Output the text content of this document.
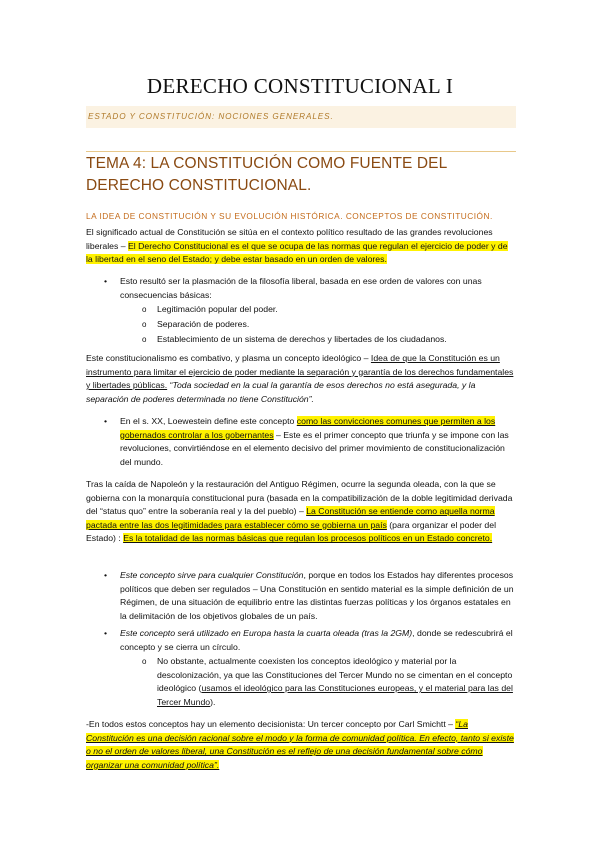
DERECHO CONSTITUCIONAL I
ESTADO Y CONSTITUCIÓN: NOCIONES GENERALES.
TEMA 4: LA CONSTITUCIÓN COMO FUENTE DEL DERECHO CONSTITUCIONAL.
LA IDEA DE CONSTITUCIÓN Y SU EVOLUCIÓN HISTÓRICA. CONCEPTOS DE CONSTITUCIÓN.

El significado actual de Constitución se sitúa en el contexto político resultado de las grandes revoluciones liberales – El Derecho Constitucional es el que se ocupa de las normas que regulan el ejercicio de poder y de la libertad en el seno del Estado; y debe estar basado en un orden de valores.

•	Esto resultó ser la plasmación de la filosofía liberal, basada en ese orden de valores con unas consecuencias básicas:
o	Legitimación popular del poder.
o	Separación de poderes.
o	Establecimiento de un sistema de derechos y libertades de los ciudadanos.

Este constitucionalismo es combativo, y plasma un concepto ideológico – Idea de que la Constitución es un instrumento para limitar el ejercicio de poder mediante la separación y garantía de los derechos fundamentales y libertades públicas. “Toda sociedad en la cual la garantía de esos derechos no está asegurada, y la separación de poderes determinada no tiene Constitución”.

•	En el s. XX, Loewestein define este concepto como las convicciones comunes que permiten a los gobernados controlar a los gobernantes – Este es el primer concepto que triunfa y se impone con las revoluciones, convirtiéndose en el elemento decisivo del primer movimiento de constitucionalización del mundo.

Tras la caída de Napoleón y la restauración del Antiguo Régimen, ocurre la segunda oleada, con la que se gobierna con la monarquía constitucional pura (basada en la compatibilización de la doble legitimidad derivada del “status quo” entre la soberanía real y la del pueblo) – La Constitución se entiende como aquella norma pactada entre las dos legitimidades para establecer cómo se gobierna un país (para organizar el poder del Estado) : Es la totalidad de las normas básicas que regulan los procesos políticos en un Estado concreto.

•	Este concepto sirve para cualquier Constitución, porque en todos los Estados hay diferentes procesos políticos que deben ser regulados – Una Constitución en sentido material es la simple definición de un Régimen, de una situación de equilibrio entre las distintas fuerzas políticas y los órganos estatales en la delimitación de los objetivos globales de un país.
•	Este concepto será utilizado en Europa hasta la cuarta oleada (tras la 2GM), donde se redescubrirá el concepto y se cierra un círculo.
o	No obstante, actualmente coexisten los conceptos ideológico y material por la descolonización, ya que las Constituciones del Tercer Mundo no se cimentan en el concepto ideológico (usamos el ideológico para las Constituciones europeas, y el material para las del Tercer Mundo).

-En todos estos conceptos hay un elemento decisionista: Un tercer concepto por Carl Smichtt – “La Constitución es una decisión racional sobre el modo y la forma de comunidad política. En efecto, tanto si existe o no el orden de valores liberal, una Constitución es el reflejo de una decisión fundamental sobre cómo organizar una comunidad política”.
